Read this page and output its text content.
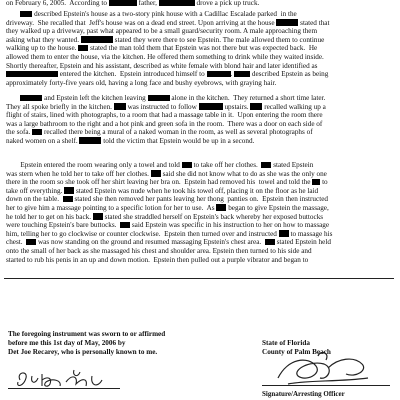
on February 6, 2005.  According to	father,	drove a pick up truck.
described Epstein's house as a two-story pink house with a Cadillac Escalade parked  in the
driveway.  She recalled that  Jeff's house was on a dead end street. Upon arriving at the house	stated that
they walked up a driveway, past what appeared to be a small guard/security room. A male approaching them
asking what they wanted.	stated they were there to see Epstein. The male allowed them to continue
walking up to the house.  stated the man told them that Epstein was not there but was expected back.  He
allowed them to enter the house, via the kitchen. He offered them something to drink while they waited inside.
Shortly thereafter, Epstein and his assistant, described as white female with blond hair and later identified as
entered the kitchen.  Epstein introduced himself to	.  described Epstein as being
approximately forty-five years old, having a long face and bushy eyebrows, with graying hair.
and Epstein left the kitchen leaving	alone in the kitchen.  They returned a short time later.
They all spoke briefly in the kitchen.  was instructed to follow	upstairs.  recalled walking up a
flight of stairs, lined with photographs, to a room that had a massage table in it.  Upon entering the room there
was a large bathroom to the right and a hot pink and green sofa in the room.  There was a door on each side of
the sofa.  recalled there being a mural of a naked woman in the room, as well as several photographs of
naked women on a shelf.	told the victim that Epstein would be up in a second.
Epstein entered the room wearing only a towel and told  to take off her clothes.   stated Epstein
was stern when he told her to take off her clothes.  said she did not know what to do as she was the only one
there in the room so she took off her shirt leaving her bra on.  Epstein had removed his  towel and told the  to
take off everything.  stated Epstein was nude when he took his towel off, placing it on the floor as he laid
down on the table.   stated she then removed her pants leaving her thong  panties on.  Epstein then instructed
her to give him a massage pointing to a specific lotion for her to use.  As  began to give Epstein the massage,
he told her to get on his back.  stated she straddled herself on Epstein's back whereby her exposed buttocks
were touching Epstein's bare buttocks.   said Epstein was specific in his instruction to her on how to massage
him, telling her to go clockwise or counter clockwise.  Epstein then turned over and instructed  to massage his
chest.   was now standing on the ground and resumed massaging Epstein's chest area.   stated Epstein held
onto the small of her back as she massaged his chest and shoulder area. Epstein then turned to his side and
started to rub his penis in an up and down motion.  Epstein then pulled out a purple vibrator and began to
The foregoing instrument was sworn to or affirmed
before me this 1st day of May, 2006 by
Det Joe Recarey, who is personally known to me.
State of Florida
County of Palm Beach
Signature/Arresting Officer
